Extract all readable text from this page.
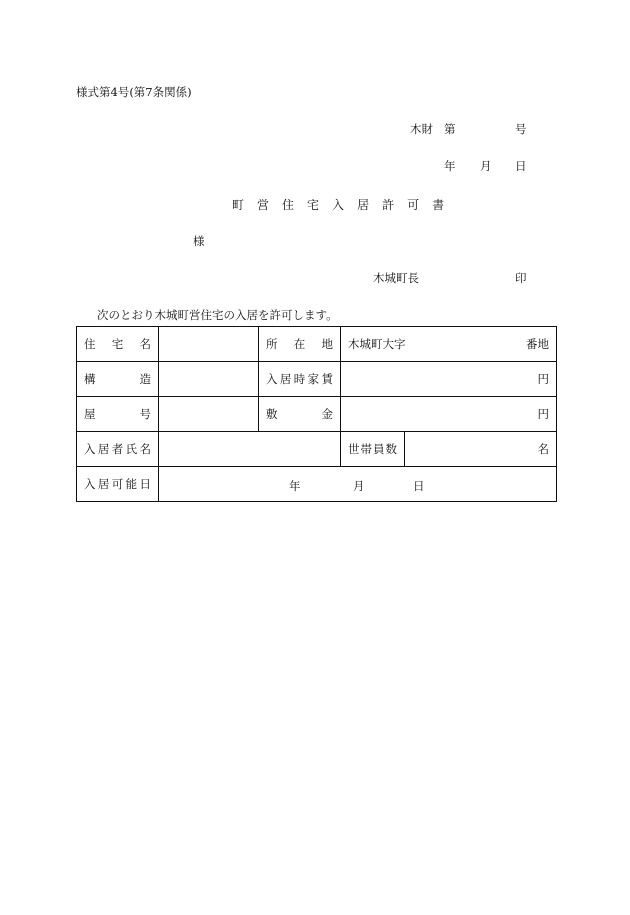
様式第4号(第7条関係)
木財 第	号
年 月 日
町 営 住 宅 入 居 許 可 書
様
木城町長	印
次のとおり木城町営住宅の入居を許可します。
住 宅 名		所 在 地	木城町大字 番地	

構 造		入 居 時 家 賃	円	

屋 号		敷 金	円	

入 居 者 氏 名			世 帯 員 数	名

入 居 可 能 日	年 月 日			
